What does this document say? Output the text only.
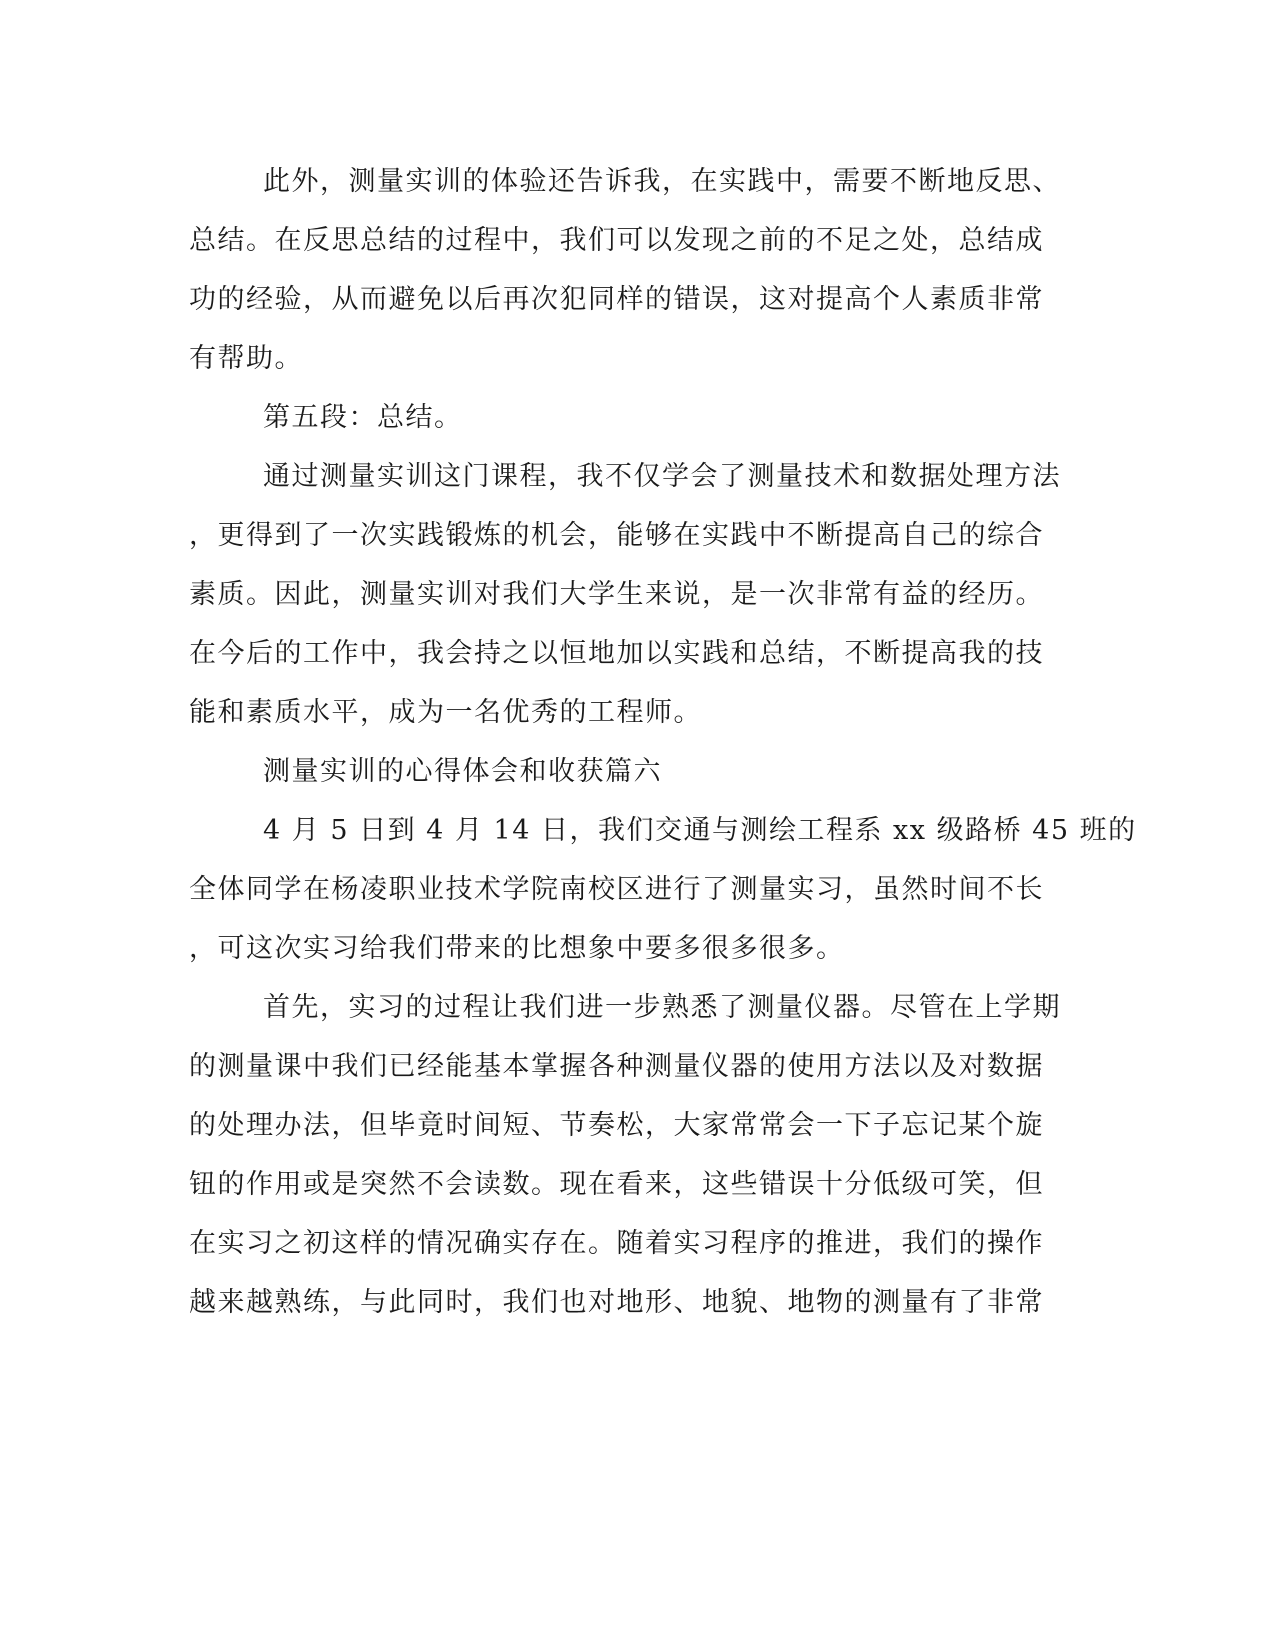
此外，测量实训的体验还告诉我，在实践中，需要不断地反思、
总结。在反思总结的过程中，我们可以发现之前的不足之处，总结成
功的经验，从而避免以后再次犯同样的错误，这对提高个人素质非常
有帮助。
第五段：总结。
通过测量实训这门课程，我不仅学会了测量技术和数据处理方法
，更得到了一次实践锻炼的机会，能够在实践中不断提高自己的综合
素质。因此，测量实训对我们大学生来说，是一次非常有益的经历。
在今后的工作中，我会持之以恒地加以实践和总结，不断提高我的技
能和素质水平，成为一名优秀的工程师。
测量实训的心得体会和收获篇六
4 月 5 日到 4 月 14 日，我们交通与测绘工程系 xx 级路桥 45 班的
全体同学在杨凌职业技术学院南校区进行了测量实习，虽然时间不长
，可这次实习给我们带来的比想象中要多很多很多。
首先，实习的过程让我们进一步熟悉了测量仪器。尽管在上学期
的测量课中我们已经能基本掌握各种测量仪器的使用方法以及对数据
的处理办法，但毕竟时间短、节奏松，大家常常会一下子忘记某个旋
钮的作用或是突然不会读数。现在看来，这些错误十分低级可笑，但
在实习之初这样的情况确实存在。随着实习程序的推进，我们的操作
越来越熟练，与此同时，我们也对地形、地貌、地物的测量有了非常
